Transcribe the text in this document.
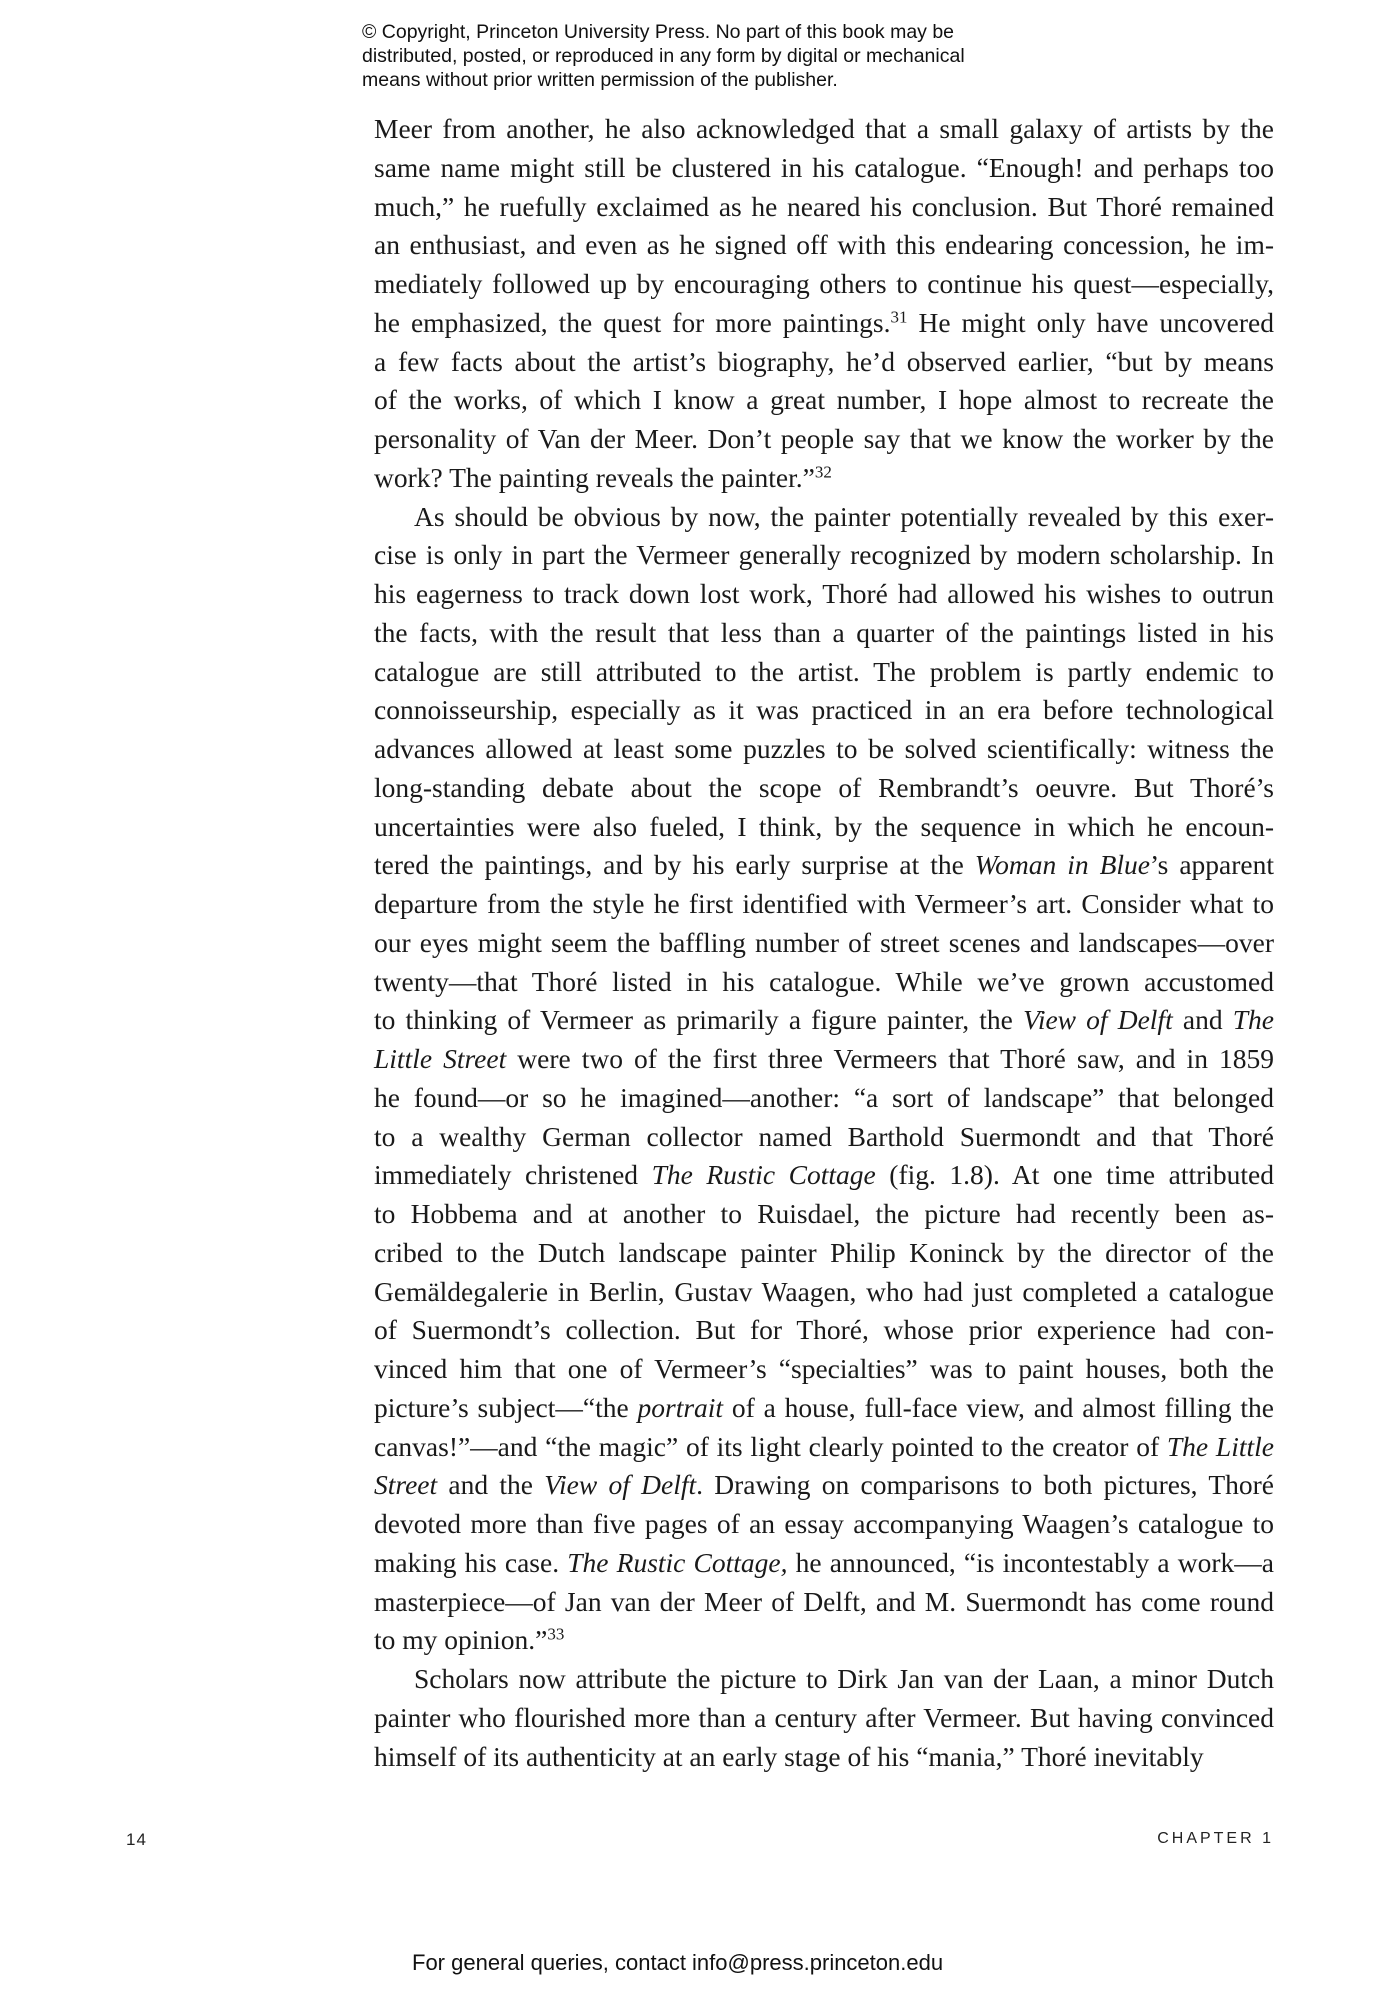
© Copyright, Princeton University Press. No part of this book may be
distributed, posted, or reproduced in any form by digital or mechanical
means without prior written permission of the publisher.
Meer from another, he also acknowledged that a small galaxy of artists by the
same name might still be clustered in his catalogue. “Enough! and perhaps too
much,” he ruefully exclaimed as he neared his conclusion. But Thoré remained
an enthusiast, and even as he signed off with this endearing concession, he im-
mediately followed up by encouraging others to continue his quest—especially,
he emphasized, the quest for more paintings.$^{31}$ He might only have uncovered
a few facts about the artist’s biography, he’d observed earlier, “but by means
of the works, of which I know a great number, I hope almost to recreate the
personality of Van der Meer. Don’t people say that we know the worker by the
work? The painting reveals the painter.”$^{32}$
As should be obvious by now, the painter potentially revealed by this exer-
cise is only in part the Vermeer generally recognized by modern scholarship. In
his eagerness to track down lost work, Thoré had allowed his wishes to outrun
the facts, with the result that less than a quarter of the paintings listed in his
catalogue are still attributed to the artist. The problem is partly endemic to
connoisseurship, especially as it was practiced in an era before technological
advances allowed at least some puzzles to be solved scientifically: witness the
long-standing debate about the scope of Rembrandt’s oeuvre. But Thoré’s
uncertainties were also fueled, I think, by the sequence in which he encoun-
tered the paintings, and by his early surprise at the Woman in Blue’s apparent
departure from the style he first identified with Vermeer’s art. Consider what to
our eyes might seem the baffling number of street scenes and landscapes—over
twenty—that Thoré listed in his catalogue. While we’ve grown accustomed
to thinking of Vermeer as primarily a figure painter, the View of Delft and The
Little Street were two of the first three Vermeers that Thoré saw, and in 1859
he found—or so he imagined—another: “a sort of landscape” that belonged
to a wealthy German collector named Barthold Suermondt and that Thoré
immediately christened The Rustic Cottage (fig. 1.8). At one time attributed
to Hobbema and at another to Ruisdael, the picture had recently been as-
cribed to the Dutch landscape painter Philip Koninck by the director of the
Gemäldegalerie in Berlin, Gustav Waagen, who had just completed a catalogue
of Suermondt’s collection. But for Thoré, whose prior experience had con-
vinced him that one of Vermeer’s “specialties” was to paint houses, both the
picture’s subject—“the portrait of a house, full-face view, and almost filling the
canvas!”—and “the magic” of its light clearly pointed to the creator of The Little
Street and the View of Delft. Drawing on comparisons to both pictures, Thoré
devoted more than five pages of an essay accompanying Waagen’s catalogue to
making his case. The Rustic Cottage, he announced, “is incontestably a work—a
masterpiece—of Jan van der Meer of Delft, and M. Suermondt has come round
to my opinion.”$^{33}$
Scholars now attribute the picture to Dirk Jan van der Laan, a minor Dutch
painter who flourished more than a century after Vermeer. But having convinced
himself of its authenticity at an early stage of his “mania,” Thoré inevitably
14	CHAPTER 1
For general queries, contact info@press.princeton.edu
